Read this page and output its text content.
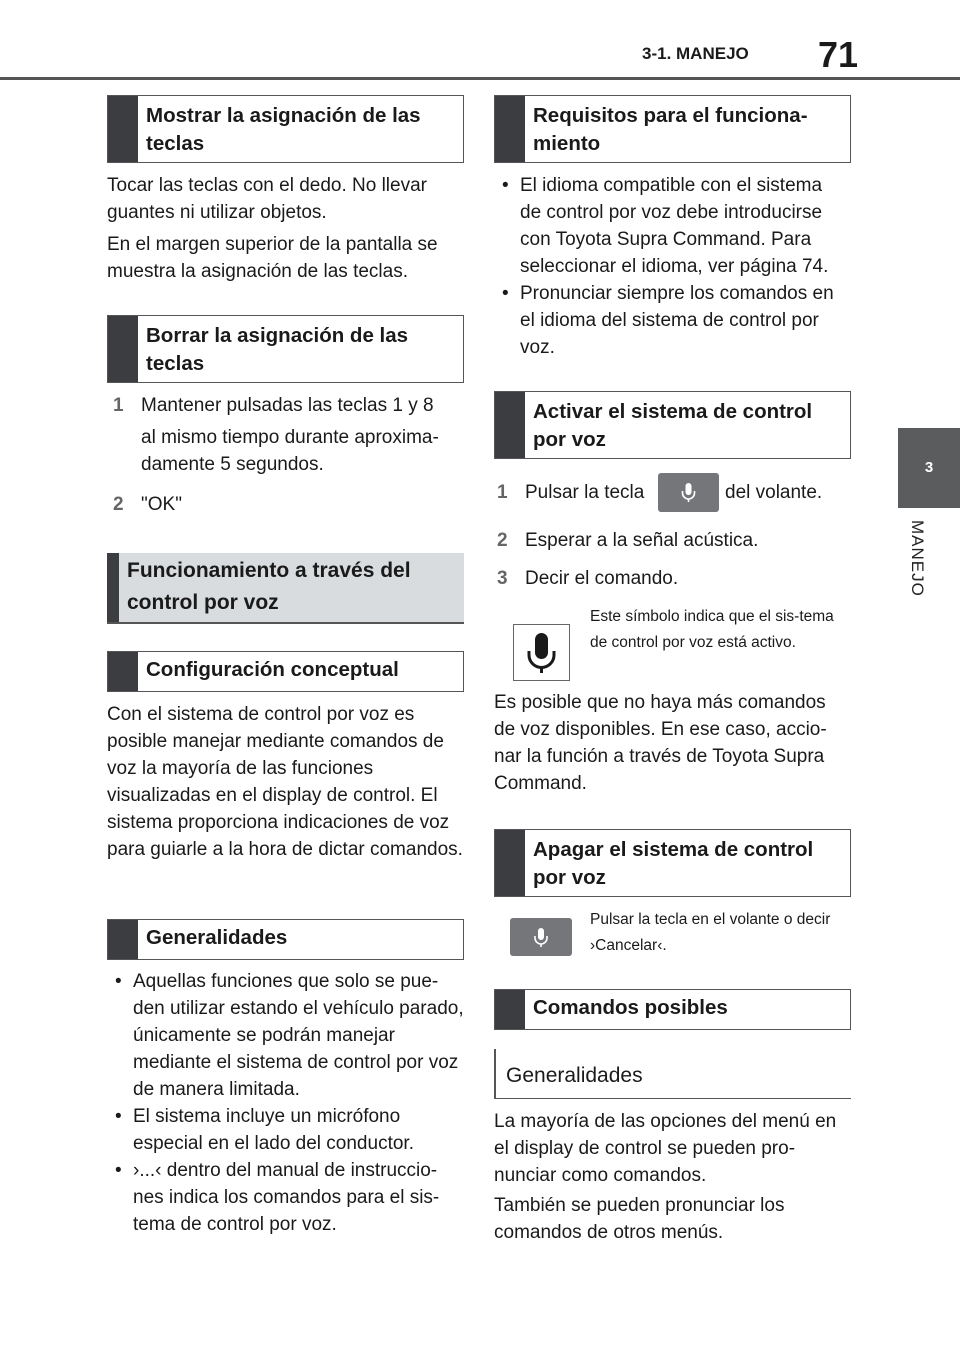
3-1. MANEJO 71
3
MANEJO
Mostrar la asignación de las teclas
Tocar las teclas con el dedo. No llevar guantes ni utilizar objetos.
En el margen superior de la pantalla se muestra la asignación de las teclas.
Borrar la asignación de las teclas
1 Mantener pulsadas las teclas 1 y 8
al mismo tiempo durante aproxima-
damente 5 segundos.
2 "OK"
Funcionamiento a través del control por voz
Configuración conceptual
Con el sistema de control por voz es posible manejar mediante comandos de voz la mayoría de las funciones visualizadas en el display de control. El sistema proporciona indicaciones de voz para guiarle a la hora de dictar comandos.
Generalidades
• Aquellas funciones que solo se pue-den utilizar estando el vehículo parado, únicamente se podrán manejar mediante el sistema de control por voz de manera limitada.
• El sistema incluye un micrófono especial en el lado del conductor.
• ›...‹ dentro del manual de instruccio-nes indica los comandos para el sis-tema de control por voz.
Requisitos para el funciona-miento
• El idioma compatible con el sistema de control por voz debe introducirse con Toyota Supra Command. Para seleccionar el idioma, ver página 74.
• Pronunciar siempre los comandos en el idioma del sistema de control por voz.
Activar el sistema de control por voz
1 Pulsar la tecla	del volante.
2 Esperar a la señal acústica.
3 Decir el comando.
Este símbolo indica que el sis-tema de control por voz está activo.
Es posible que no haya más comandos de voz disponibles. En ese caso, accio-nar la función a través de Toyota Supra Command.
Apagar el sistema de control por voz
Pulsar la tecla en el volante o decir ›Cancelar‹.
Comandos posibles
Generalidades
La mayoría de las opciones del menú en el display de control se pueden pro-nunciar como comandos.
También se pueden pronunciar los comandos de otros menús.
